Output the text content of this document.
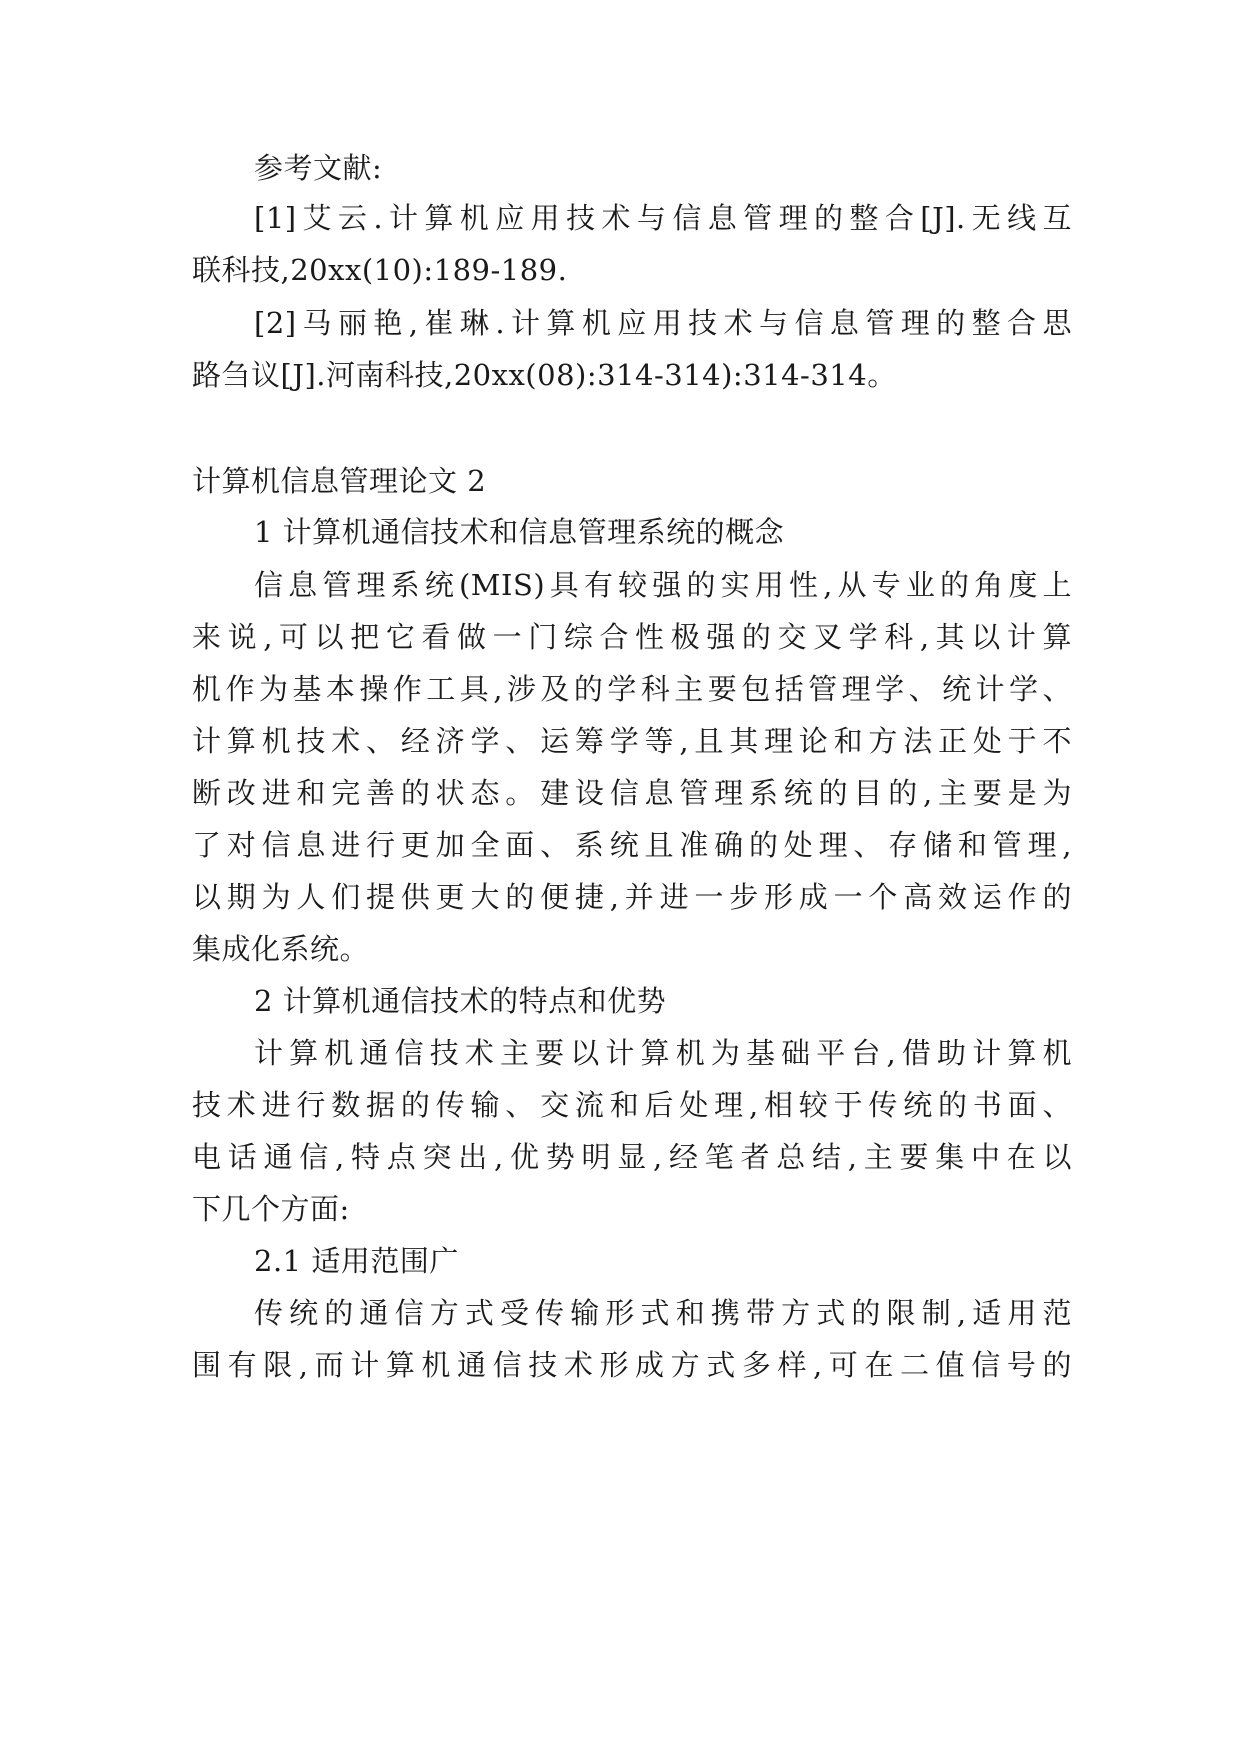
参考文献:
[1]艾云.计算机应用技术与信息管理的整合[J].无线互
联科技,20xx(10):189-189.
[2]马丽艳,崔琳.计算机应用技术与信息管理的整合思
路刍议[J].河南科技,20xx(08):314-314):314-314。
计算机信息管理论文 2
1 计算机通信技术和信息管理系统的概念
信息管理系统(MIS)具有较强的实用性,从专业的角度上
来说,可以把它看做一门综合性极强的交叉学科,其以计算
机作为基本操作工具,涉及的学科主要包括管理学、统计学、
计算机技术、经济学、运筹学等,且其理论和方法正处于不
断改进和完善的状态。建设信息管理系统的目的,主要是为
了对信息进行更加全面、系统且准确的处理、存储和管理,
以期为人们提供更大的便捷,并进一步形成一个高效运作的
集成化系统。
2 计算机通信技术的特点和优势
计算机通信技术主要以计算机为基础平台,借助计算机
技术进行数据的传输、交流和后处理,相较于传统的书面、
电话通信,特点突出,优势明显,经笔者总结,主要集中在以
下几个方面:
2.1 适用范围广
传统的通信方式受传输形式和携带方式的限制,适用范
围有限,而计算机通信技术形成方式多样,可在二值信号的
